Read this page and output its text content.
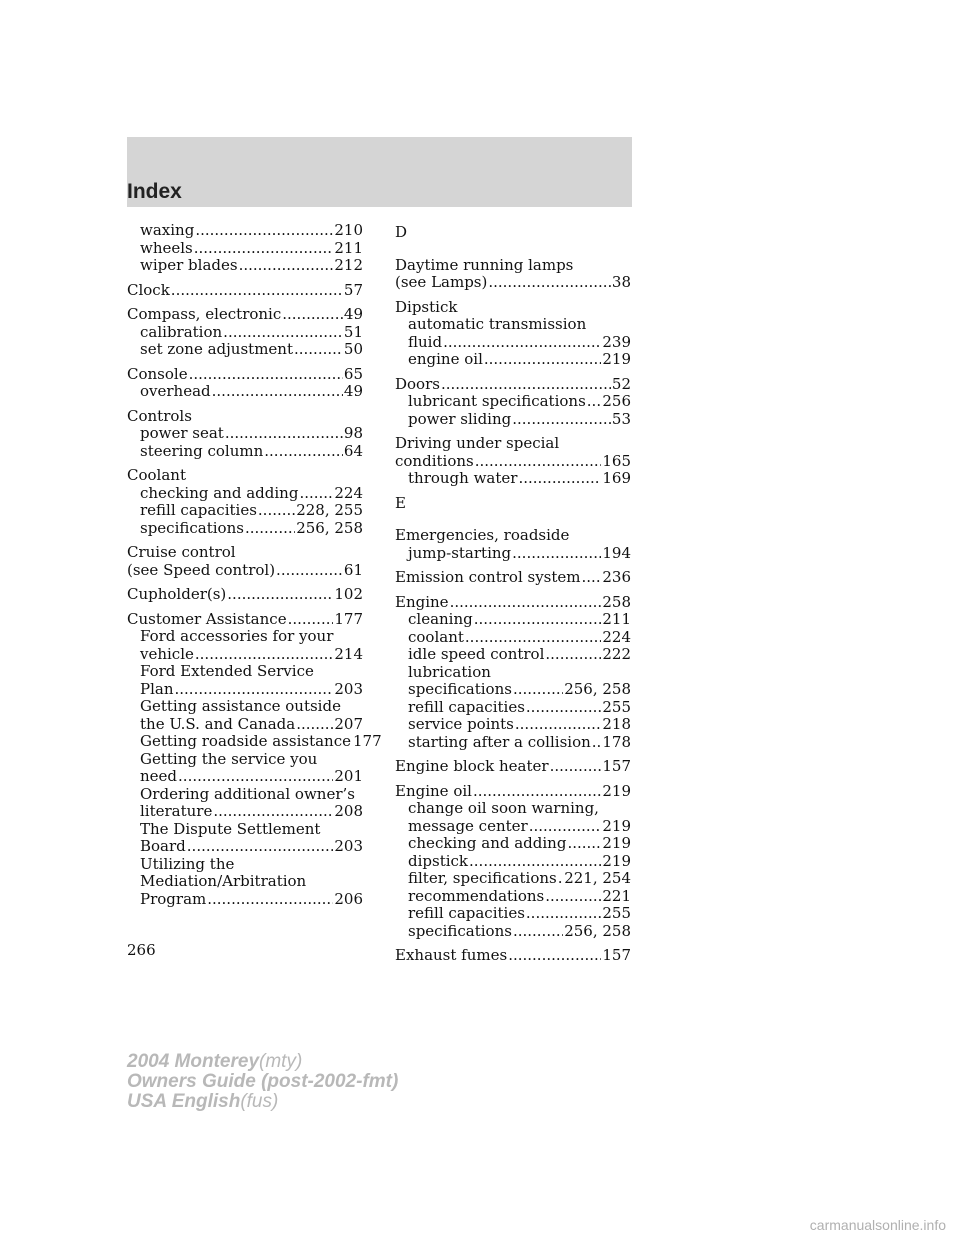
Index
waxing .....	210
wheels .....	211
wiper blades .....	212
Clock .....	57
Compass, electronic .....	49
calibration .....	51
set zone adjustment .....	50
Console .....	65
overhead .....	49
Controls
power seat .....	98
steering column .....	64
Coolant
checking and adding ..... 224
refill capacities .....	228, 255
specifications .....	256, 258
Cruise control
(see Speed control) .....	61
Cupholder(s) .....	102
Customer Assistance .....	177
Ford accessories for your
vehicle .....	214
Ford Extended Service
Plan .....	203
Getting assistance outside
the U.S. and Canada .....	207
Getting roadside assistance 177
Getting the service you
need .....	201
Ordering additional owner’s
literature .....	208
The Dispute Settlement
Board .....	203
Utilizing the
Mediation/Arbitration
Program .....	206
D
Daytime running lamps
(see Lamps) .....	38
Dipstick
automatic transmission
fluid .....	239
engine oil .....	219
Doors .....	52
lubricant specifications ..... 256
power sliding .....	53
Driving under special
conditions .....	165
through water .....	169
E
Emergencies, roadside
jump-starting .....	194
Emission control system ..... 236
Engine .....	258
cleaning .....	211
coolant .....	224
idle speed control .....	222
lubrication
specifications .....	256, 258
refill capacities .....	255
service points .....	218
starting after a collision ..... 178
Engine block heater .....	157
Engine oil .....	219
change oil soon warning,
message center .....	219
checking and adding ..... 219
dipstick .....	219
filter, specifications ..... 221, 254
recommendations .....	221
refill capacities .....	255
specifications .....	256, 258
Exhaust fumes .....	157
266
2004 Monterey(mty)
Owners Guide (post-2002-fmt)
USA English(fus)
carmanualsonline.info
